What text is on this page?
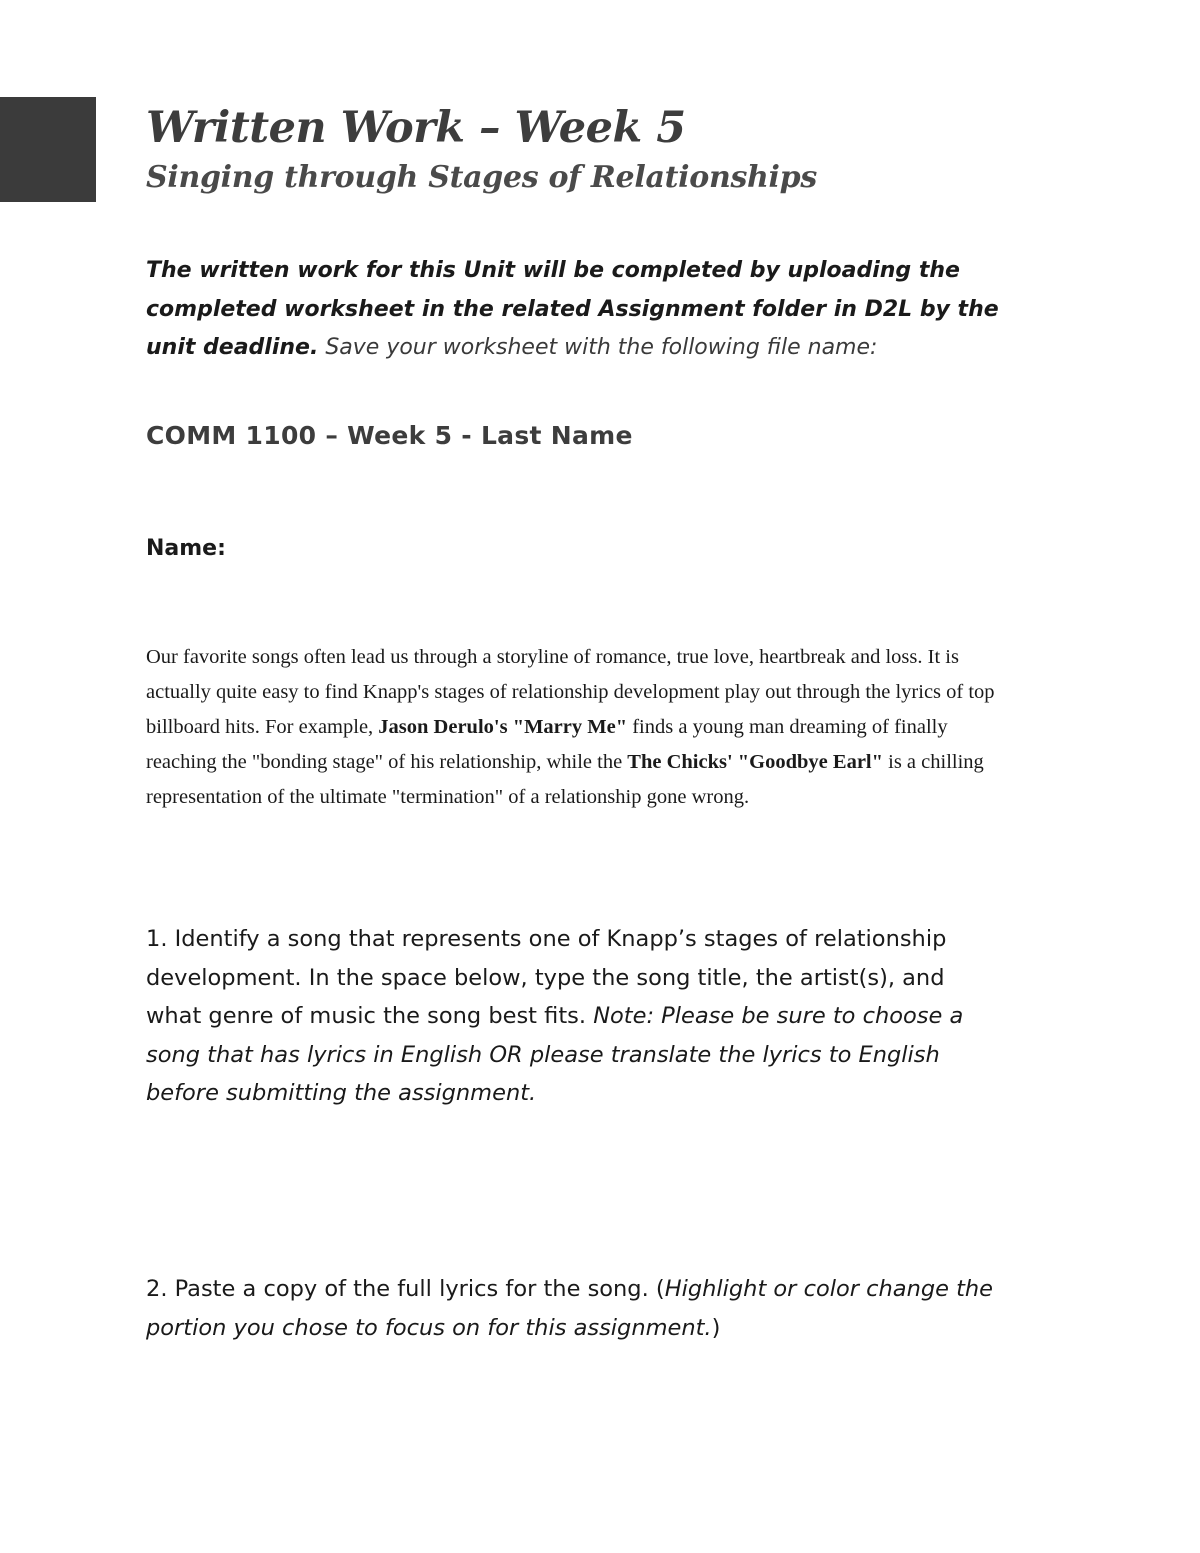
Written Work – Week 5
Singing through Stages of Relationships

The written work for this Unit will be completed by uploading the completed worksheet in the related Assignment folder in D2L by the unit deadline. Save your worksheet with the following file name:

COMM 1100 – Week 5 - Last Name

Name:

Our favorite songs often lead us through a storyline of romance, true love, heartbreak and loss. It is actually quite easy to find Knapp's stages of relationship development play out through the lyrics of top billboard hits. For example, Jason Derulo's "Marry Me" finds a young man dreaming of finally reaching the "bonding stage" of his relationship, while the The Chicks' "Goodbye Earl" is a chilling representation of the ultimate "termination" of a relationship gone wrong.

1. Identify a song that represents one of Knapp’s stages of relationship development. In the space below, type the song title, the artist(s), and what genre of music the song best fits. Note: Please be sure to choose a song that has lyrics in English OR please translate the lyrics to English before submitting the assignment.

2. Paste a copy of the full lyrics for the song. (Highlight or color change the portion you chose to focus on for this assignment.)
